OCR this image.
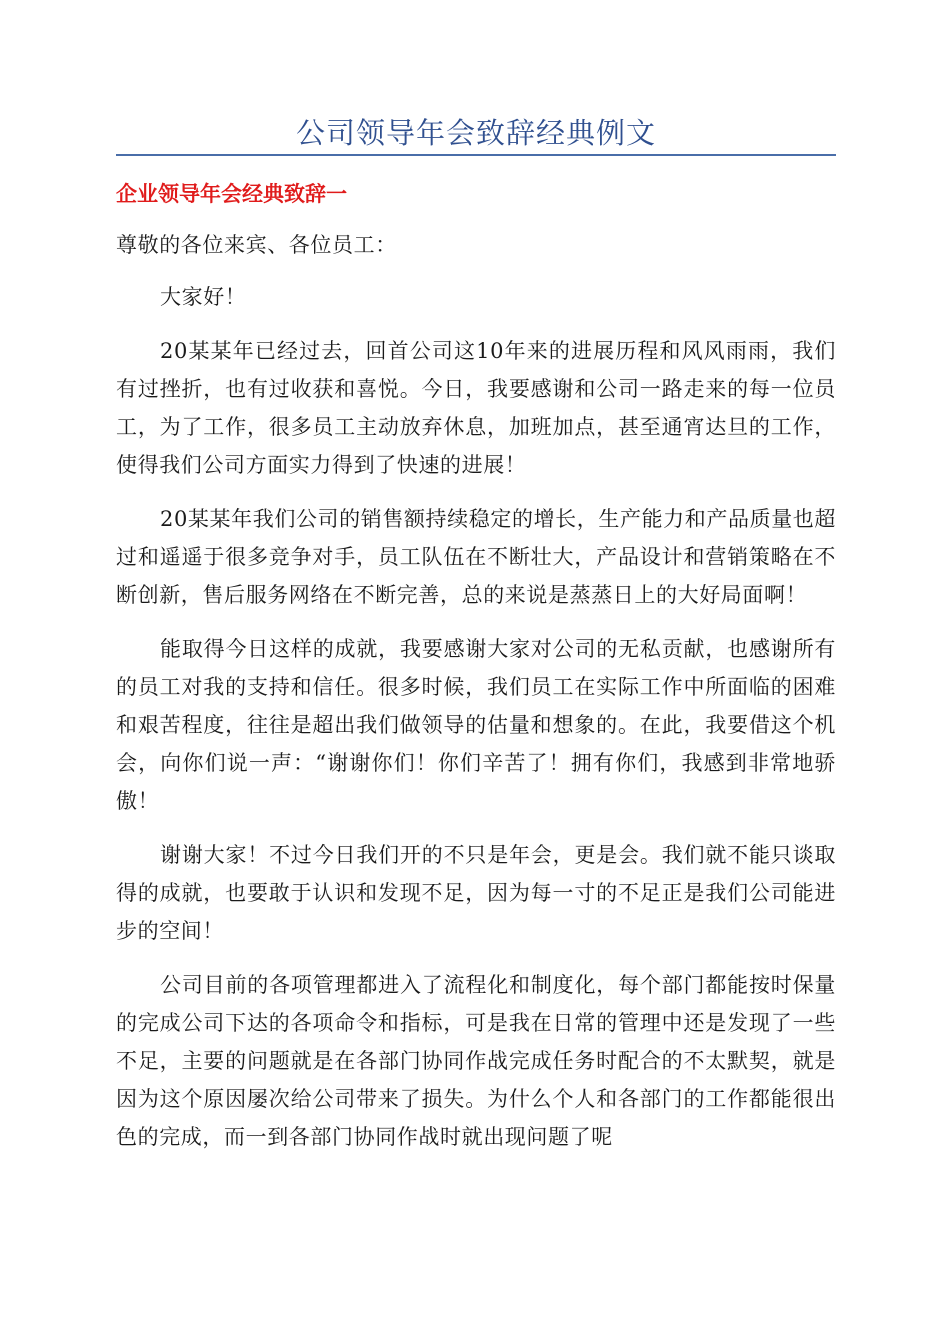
公司领导年会致辞经典例文
企业领导年会经典致辞一

尊敬的各位来宾、各位员工：

大家好！

20某某年已经过去，回首公司这10年来的进展历程和风风雨雨，我们有过挫折，也有过收获和喜悦。今日，我要感谢和公司一路走来的每一位员工，为了工作，很多员工主动放弃休息，加班加点，甚至通宵达旦的工作，使得我们公司方面实力得到了快速的进展！

20某某年我们公司的销售额持续稳定的增长，生产能力和产品质量也超过和遥遥于很多竞争对手，员工队伍在不断壮大，产品设计和营销策略在不断创新，售后服务网络在不断完善，总的来说是蒸蒸日上的大好局面啊！

能取得今日这样的成就，我要感谢大家对公司的无私贡献，也感谢所有的员工对我的支持和信任。很多时候，我们员工在实际工作中所面临的困难和艰苦程度，往往是超出我们做领导的估量和想象的。在此，我要借这个机会，向你们说一声：“谢谢你们！你们辛苦了！拥有你们，我感到非常地骄傲！

谢谢大家！不过今日我们开的不只是年会，更是会。我们就不能只谈取得的成就，也要敢于认识和发现不足，因为每一寸的不足正是我们公司能进步的空间！

公司目前的各项管理都进入了流程化和制度化，每个部门都能按时保量的完成公司下达的各项命令和指标，可是我在日常的管理中还是发现了一些不足，主要的问题就是在各部门协同作战完成任务时配合的不太默契，就是因为这个原因屡次给公司带来了损失。为什么个人和各部门的工作都能很出色的完成，而一到各部门协同作战时就出现问题了呢
